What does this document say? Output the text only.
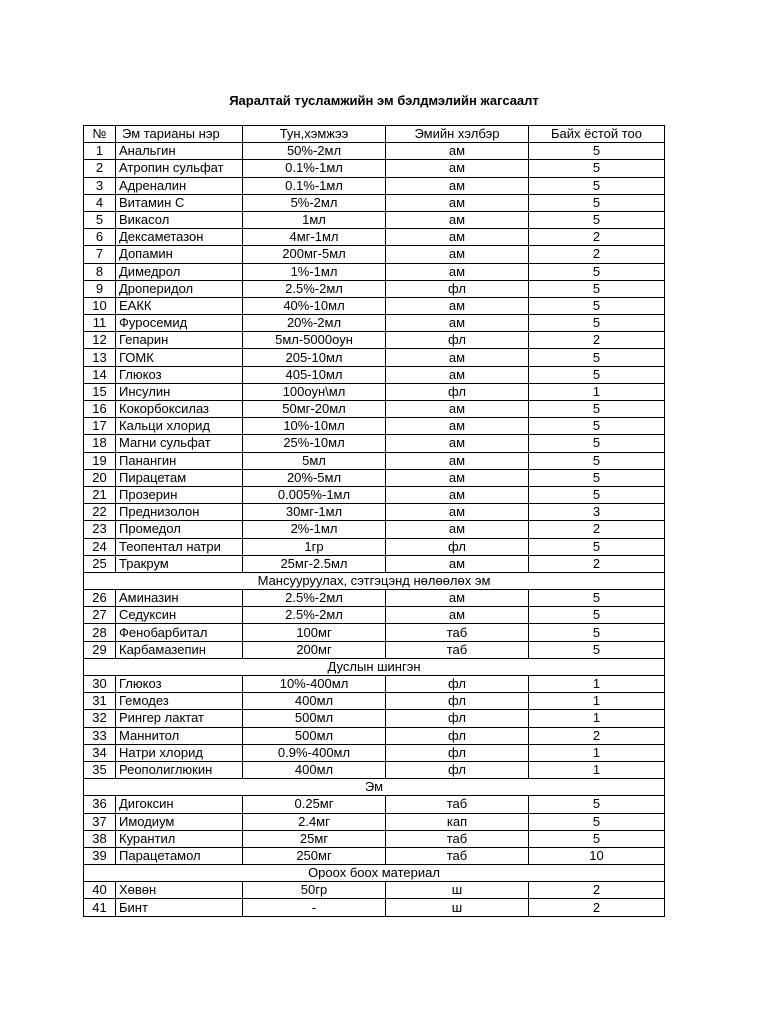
Яаралтай тусламжийн эм бэлдмэлийн жагсаалт
№	Эм тарианы нэр	Тун,хэмжээ	Эмийн хэлбэр	Байх ёстой тоо
1	Анальгин	50%-2мл	ам	5
2	Атропин сульфат	0.1%-1мл	ам	5
3	Адреналин	0.1%-1мл	ам	5
4	Витамин С	5%-2мл	ам	5
5	Викасол	1мл	ам	5
6	Дексаметазон	4мг-1мл	ам	2
7	Допамин	200мг-5мл	ам	2
8	Димедрол	1%-1мл	ам	5
9	Дроперидол	2.5%-2мл	фл	5
10	ЕАКК	40%-10мл	ам	5
11	Фуросемид	20%-2мл	ам	5
12	Гепарин	5мл-5000оун	фл	2
13	ГОМК	205-10мл	ам	5
14	Глюкоз	405-10мл	ам	5
15	Инсулин	100оун\мл	фл	1
16	Кокорбоксилаз	50мг-20мл	ам	5
17	Кальци хлорид	10%-10мл	ам	5
18	Магни сульфат	25%-10мл	ам	5
19	Панангин	5мл	ам	5
20	Пирацетам	20%-5мл	ам	5
21	Прозерин	0.005%-1мл	ам	5
22	Преднизолон	30мг-1мл	ам	3
23	Промедол	2%-1мл	ам	2
24	Теопентал натри	1гр	фл	5
25	Тракрум	25мг-2.5мл	ам	2
Мансууруулах, сэтгэцэнд нөлөөлөх эм				
26	Аминазин	2.5%-2мл	ам	5
27	Седуксин	2.5%-2мл	ам	5
28	Фенобарбитал	100мг	таб	5
29	Карбамазепин	200мг	таб	5
Дуслын шингэн				
30	Глюкоз	10%-400мл	фл	1
31	Гемодез	400мл	фл	1
32	Рингер лактат	500мл	фл	1
33	Маннитол	500мл	фл	2
34	Натри хлорид	0.9%-400мл	фл	1
35	Реополиглюкин	400мл	фл	1
Эм				
36	Дигоксин	0.25мг	таб	5
37	Имодиум	2.4мг	кап	5
38	Курантил	25мг	таб	5
39	Парацетамол	250мг	таб	10
Ороох боох материал				
40	Хөвөн	50гр	ш	2
41	Бинт	-	ш	2
